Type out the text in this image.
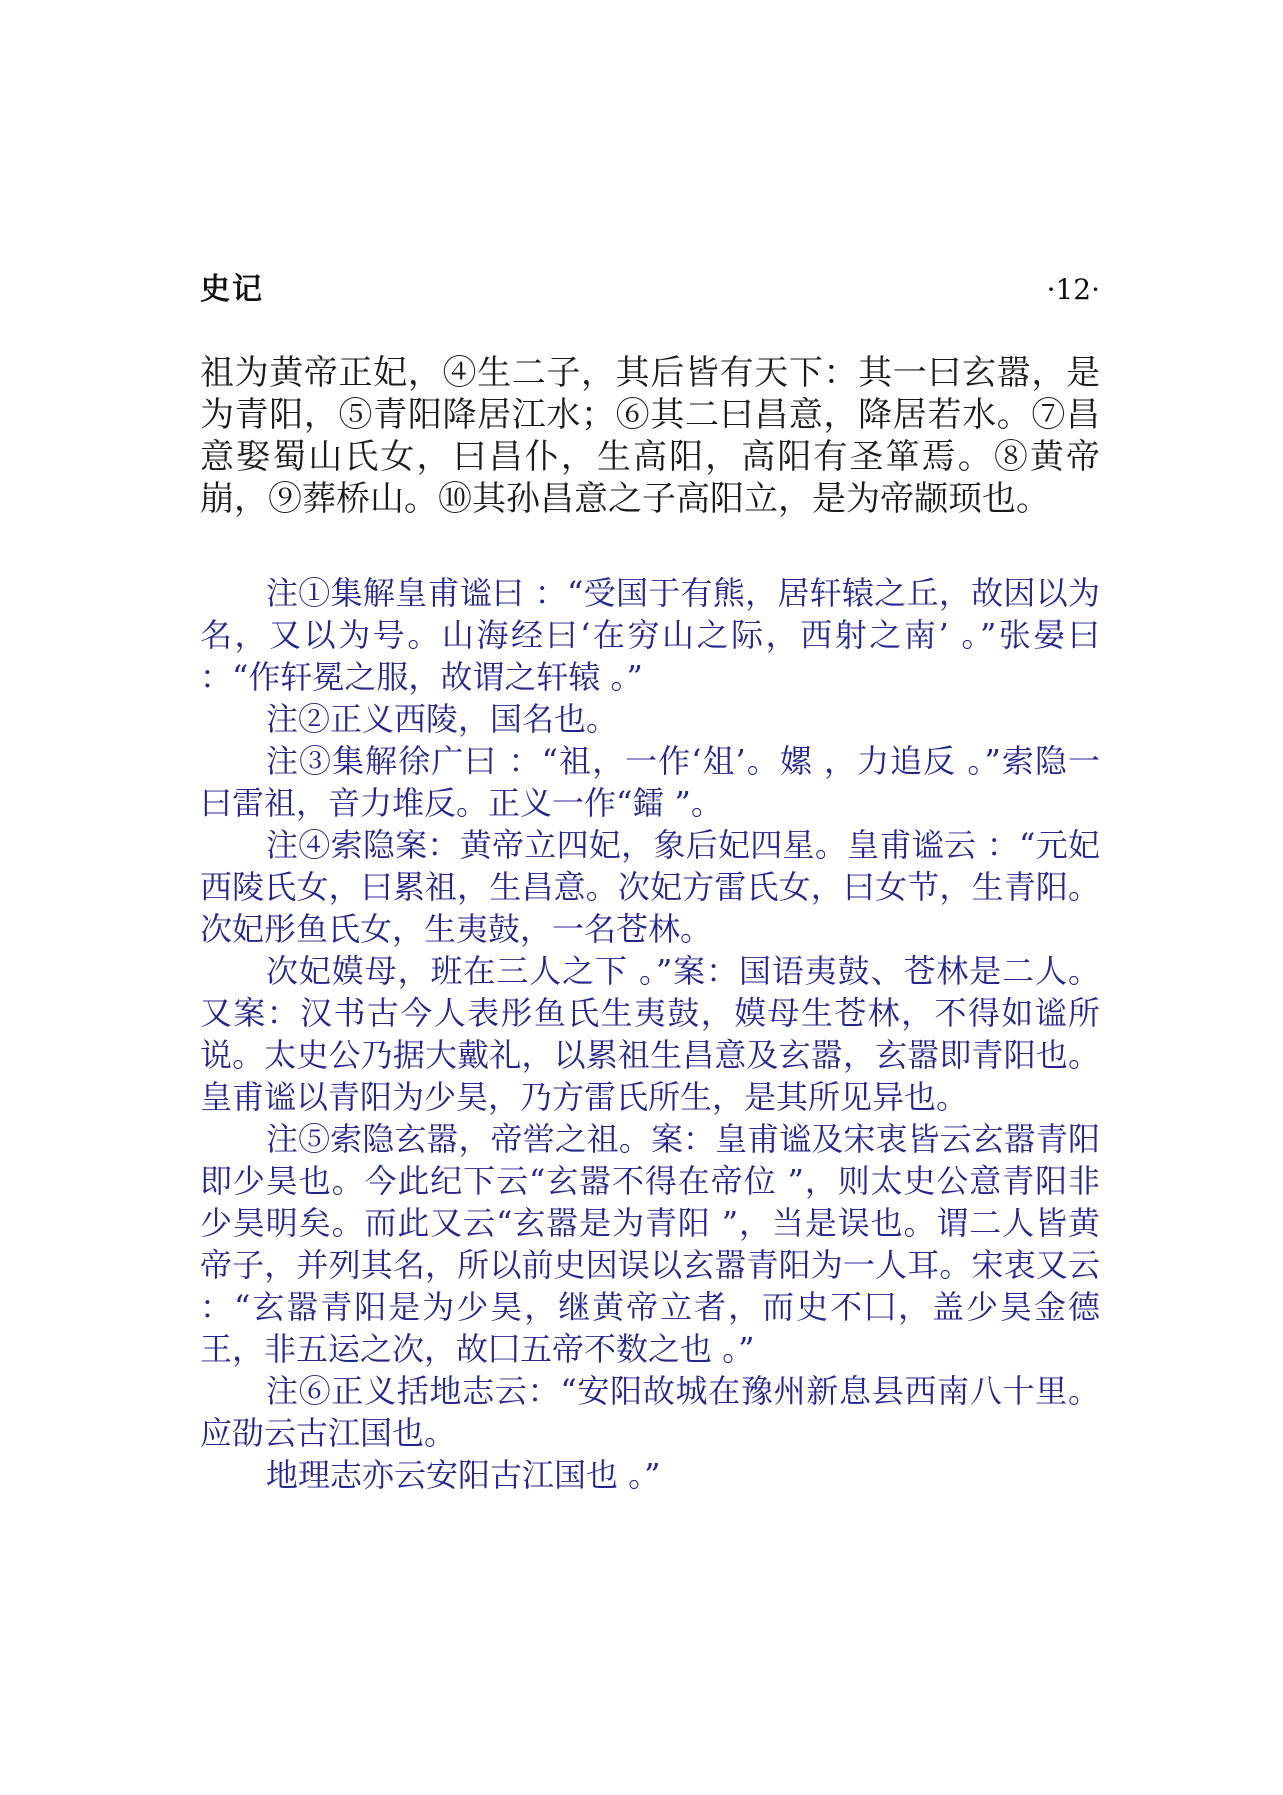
史记	·12·

祖为黄帝正妃，④生二子，其后皆有天下：其一曰玄嚣，是为青阳，⑤青阳降居江水；⑥其二曰昌意，降居若水。⑦昌意娶蜀山氏女，曰昌仆，生高阳，高阳有圣箪焉。⑧黄帝崩，⑨葬桥山。⑩其孙昌意之子高阳立，是为帝颛顼也。

注①集解皇甫谧曰 ：“受国于有熊，居轩辕之丘，故因以为名，又以为号。山海经曰‘在穷山之际，西射之南’ 。”张晏曰 ：“作轩冕之服，故谓之轩辕 。”

注②正义西陵，国名也。

注③集解徐广曰 ：“祖，一作‘俎’。嫘 ，力追反 。”索隐一曰雷祖，音力堆反。正义一作“鐳 ”。

注④索隐案：黄帝立四妃，象后妃四星。皇甫谧云 ：“元妃西陵氏女，曰累祖，生昌意。次妃方雷氏女，曰女节，生青阳。次妃彤鱼氏女，生夷鼓，一名苍林。

次妃嫫母，班在三人之下 。”案：国语夷鼓、苍林是二人。又案：汉书古今人表彤鱼氏生夷鼓，嫫母生苍林，不得如谧所说。太史公乃据大戴礼，以累祖生昌意及玄嚣，玄嚣即青阳也。皇甫谧以青阳为少昊，乃方雷氏所生，是其所见异也。

注⑤索隐玄嚣，帝喾之祖。案：皇甫谧及宋衷皆云玄嚣青阳即少昊也。今此纪下云“玄嚣不得在帝位 ”，则太史公意青阳非少昊明矣。而此又云“玄嚣是为青阳 ”，当是误也。谓二人皆黄帝子，并列其名，所以前史因误以玄嚣青阳为一人耳。宋衷又云 ：“玄嚣青阳是为少昊，继黄帝立者，而史不囗，盖少昊金德王，非五运之次，故囗五帝不数之也 。”

注⑥正义括地志云：“安阳故城在豫州新息县西南八十里。应劭云古江国也。

地理志亦云安阳古江国也 。”
